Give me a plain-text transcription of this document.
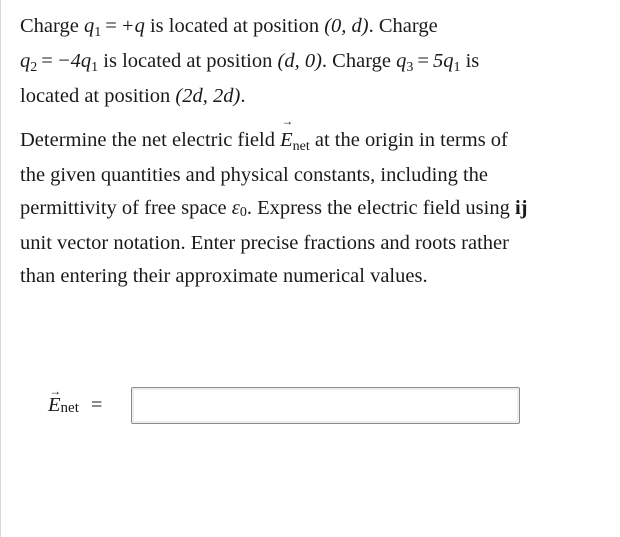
Charge q1 = +q is located at position (0, d). Charge
q2 = −4q1 is located at position (d, 0). Charge q3 = 5q1 is
located at position (2d, 2d).
Determine the net electric field
→
Enet at the origin in terms of
the given quantities and physical constants, including the
permittivity of free space ε0. Express the electric field using ij
unit vector notation. Enter precise fractions and roots rather
than entering their approximate numerical values.
→
E net =
